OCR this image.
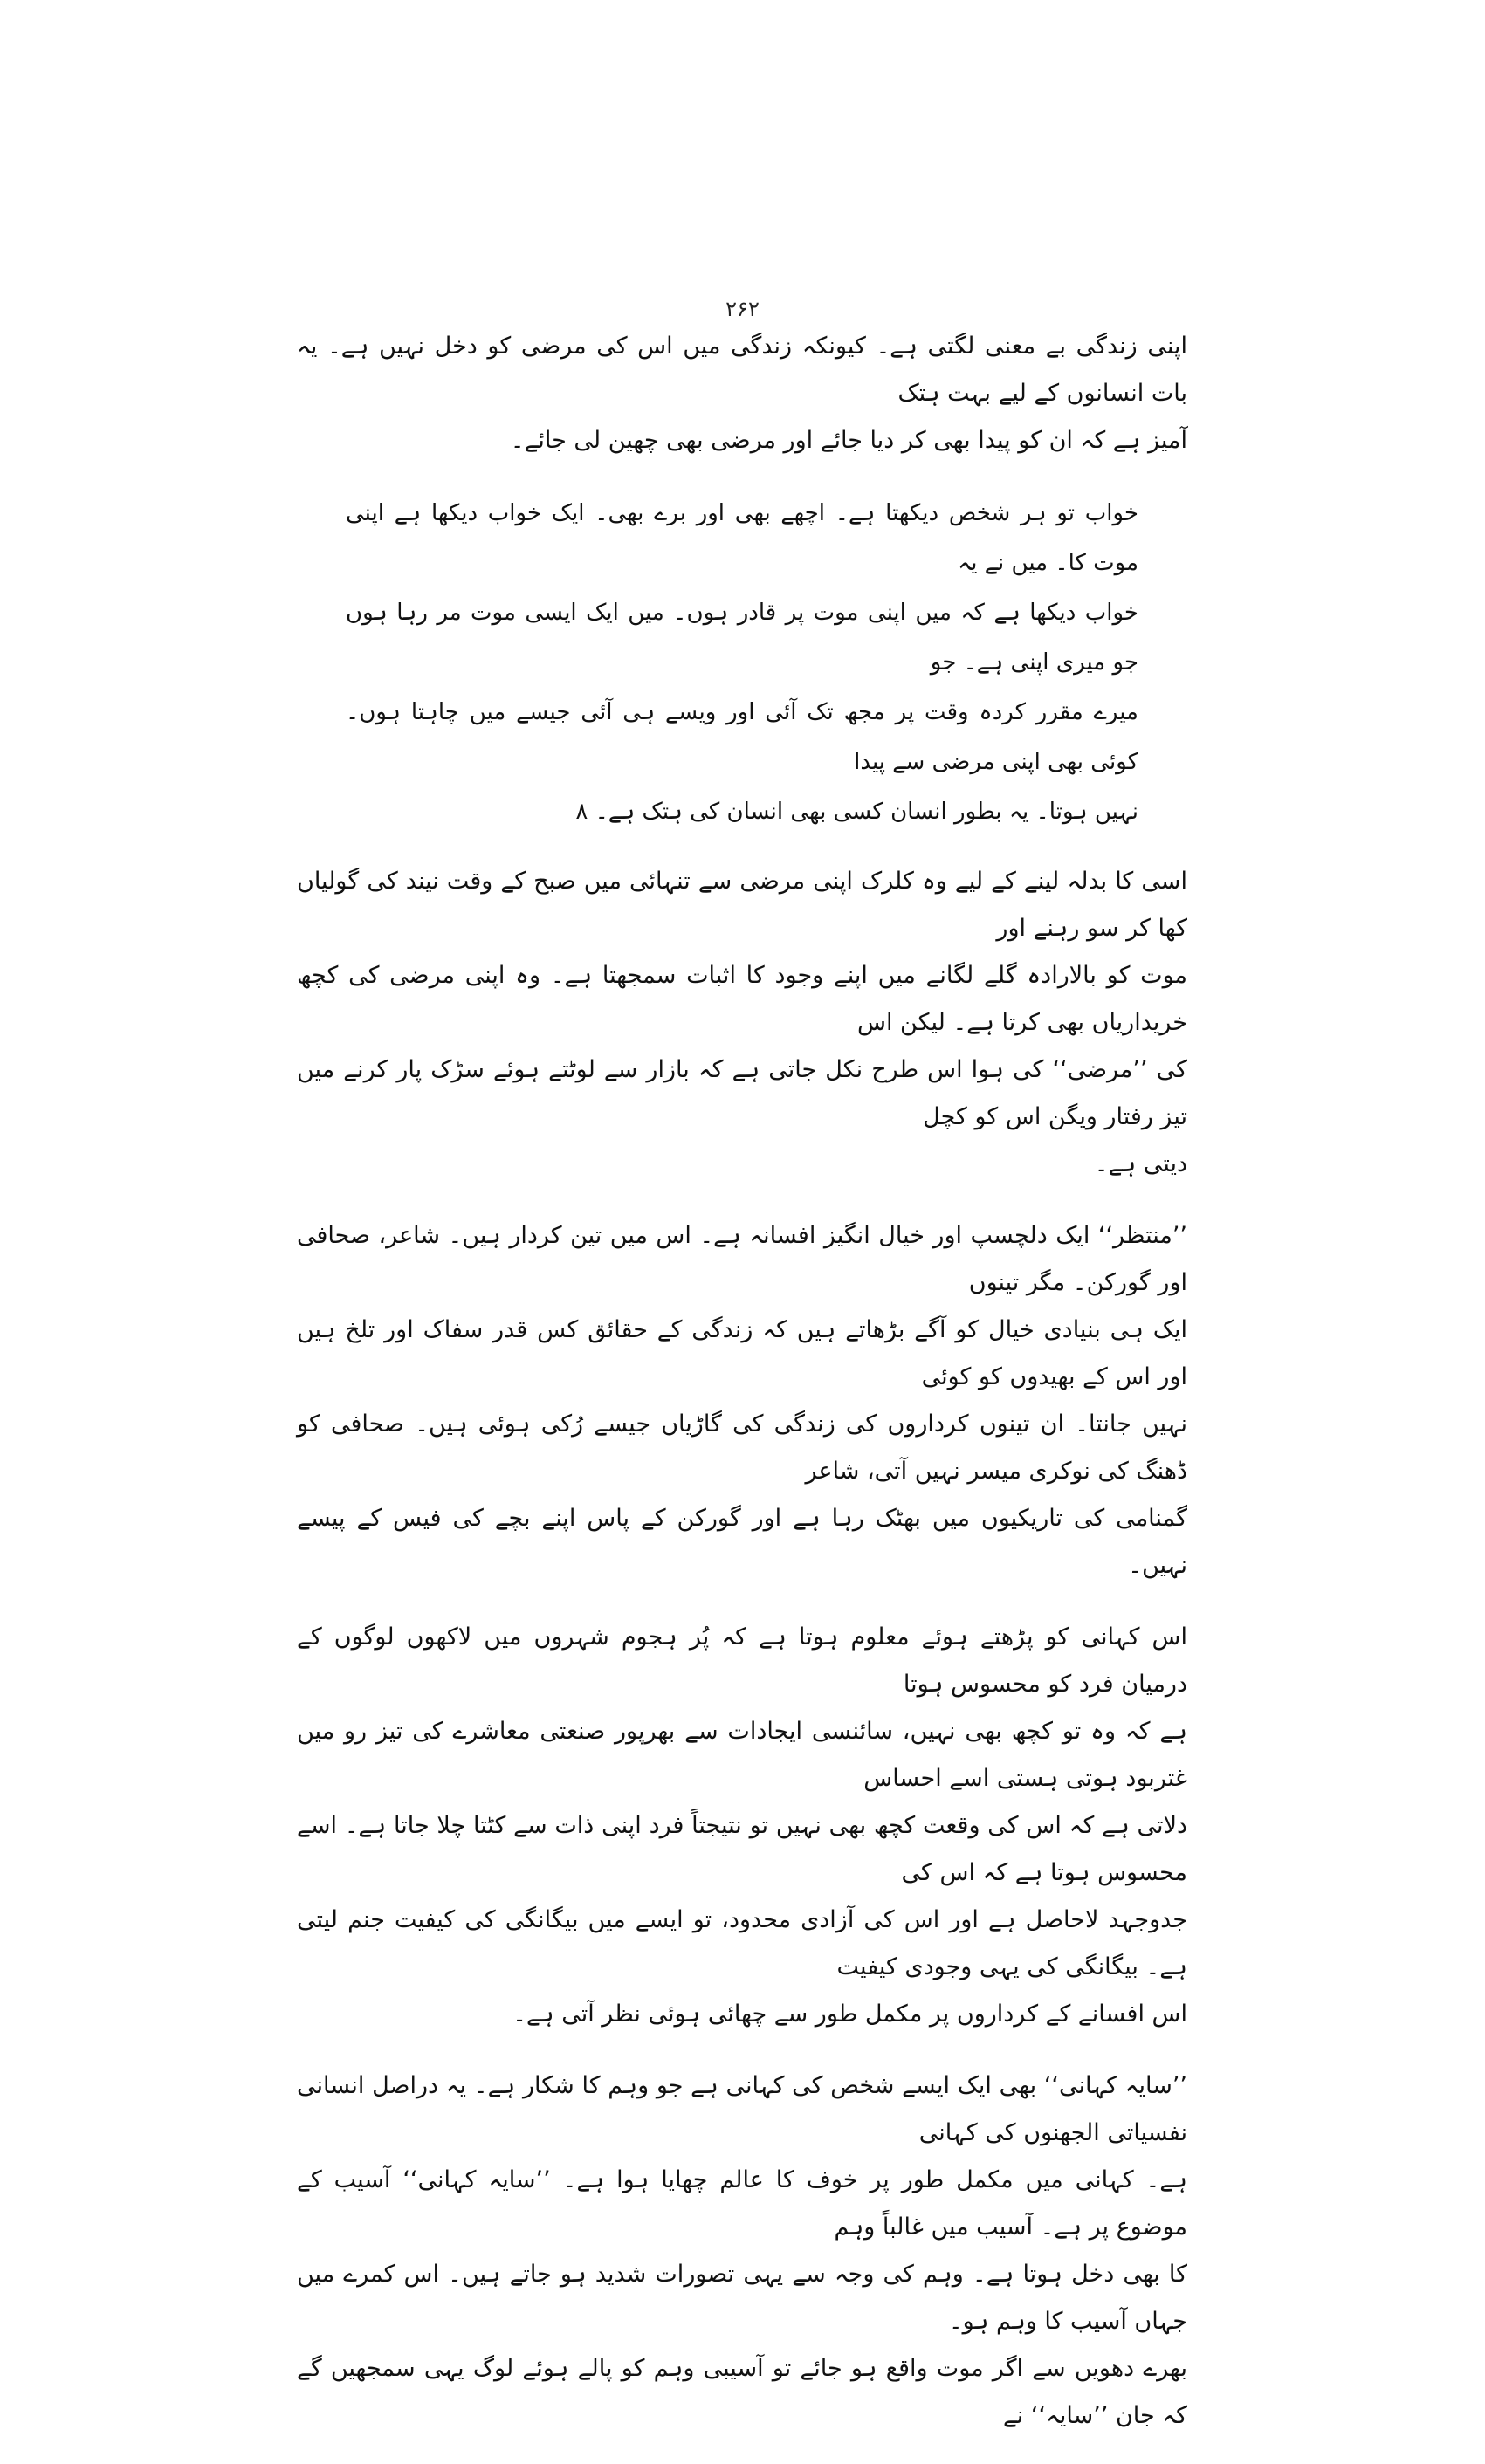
۲۶۲

اپنی زندگی بے معنی لگتی ہے۔ کیونکہ زندگی میں اس کی مرضی کو دخل نہیں ہے۔ یہ بات انسانوں کے لیے بہت ہتک
آمیز ہے کہ ان کو پیدا بھی کر دیا جائے اور مرضی بھی چھین لی جائے۔

خواب تو ہر شخص دیکھتا ہے۔ اچھے بھی اور برے بھی۔ ایک خواب دیکھا ہے اپنی موت کا۔ میں نے یہ
خواب دیکھا ہے کہ میں اپنی موت پر قادر ہوں۔ میں ایک ایسی موت مر رہا ہوں جو میری اپنی ہے۔ جو
میرے مقرر کردہ وقت پر مجھ تک آئی اور ویسے ہی آئی جیسے میں چاہتا ہوں۔ کوئی بھی اپنی مرضی سے پیدا
نہیں ہوتا۔ یہ بطور انسان کسی بھی انسان کی ہتک ہے۔ ۸

اسی کا بدلہ لینے کے لیے وہ کلرک اپنی مرضی سے تنہائی میں صبح کے وقت نیند کی گولیاں کھا کر سو رہنے اور
موت کو بالارادہ گلے لگانے میں اپنے وجود کا اثبات سمجھتا ہے۔ وہ اپنی مرضی کی کچھ خریداریاں بھی کرتا ہے۔ لیکن اس
کی ’’مرضی‘‘ کی ہوا اس طرح نکل جاتی ہے کہ بازار سے لوٹتے ہوئے سڑک پار کرنے میں تیز رفتار ویگن اس کو کچل
دیتی ہے۔

’’منتظر‘‘ ایک دلچسپ اور خیال انگیز افسانہ ہے۔ اس میں تین کردار ہیں۔ شاعر، صحافی اور گورکن۔ مگر تینوں
ایک ہی بنیادی خیال کو آگے بڑھاتے ہیں کہ زندگی کے حقائق کس قدر سفاک اور تلخ ہیں اور اس کے بھیدوں کو کوئی
نہیں جانتا۔ ان تینوں کرداروں کی زندگی کی گاڑیاں جیسے رُکی ہوئی ہیں۔ صحافی کو ڈھنگ کی نوکری میسر نہیں آتی، شاعر
گمنامی کی تاریکیوں میں بھٹک رہا ہے اور گورکن کے پاس اپنے بچے کی فیس کے پیسے نہیں۔

اس کہانی کو پڑھتے ہوئے معلوم ہوتا ہے کہ پُر ہجوم شہروں میں لاکھوں لوگوں کے درمیان فرد کو محسوس ہوتا
ہے کہ وہ تو کچھ بھی نہیں، سائنسی ایجادات سے بھرپور صنعتی معاشرے کی تیز رو میں غتربود ہوتی ہستی اسے احساس
دلاتی ہے کہ اس کی وقعت کچھ بھی نہیں تو نتیجتاً فرد اپنی ذات سے کٹتا چلا جاتا ہے۔ اسے محسوس ہوتا ہے کہ اس کی
جدوجہد لاحاصل ہے اور اس کی آزادی محدود، تو ایسے میں بیگانگی کی کیفیت جنم لیتی ہے۔ بیگانگی کی یہی وجودی کیفیت
اس افسانے کے کرداروں پر مکمل طور سے چھائی ہوئی نظر آتی ہے۔

’’سایہ کہانی‘‘ بھی ایک ایسے شخص کی کہانی ہے جو وہم کا شکار ہے۔ یہ دراصل انسانی نفسیاتی الجھنوں کی کہانی
ہے۔ کہانی میں مکمل طور پر خوف کا عالم چھایا ہوا ہے۔ ’’سایہ کہانی‘‘ آسیب کے موضوع پر ہے۔ آسیب میں غالباً وہم
کا بھی دخل ہوتا ہے۔ وہم کی وجہ سے یہی تصورات شدید ہو جاتے ہیں۔ اس کمرے میں جہاں آسیب کا وہم ہو۔
بھرے دھویں سے اگر موت واقع ہو جائے تو آسیبی وہم کو پالے ہوئے لوگ یہی سمجھیں گے کہ جان ’’سایہ‘‘ نے
